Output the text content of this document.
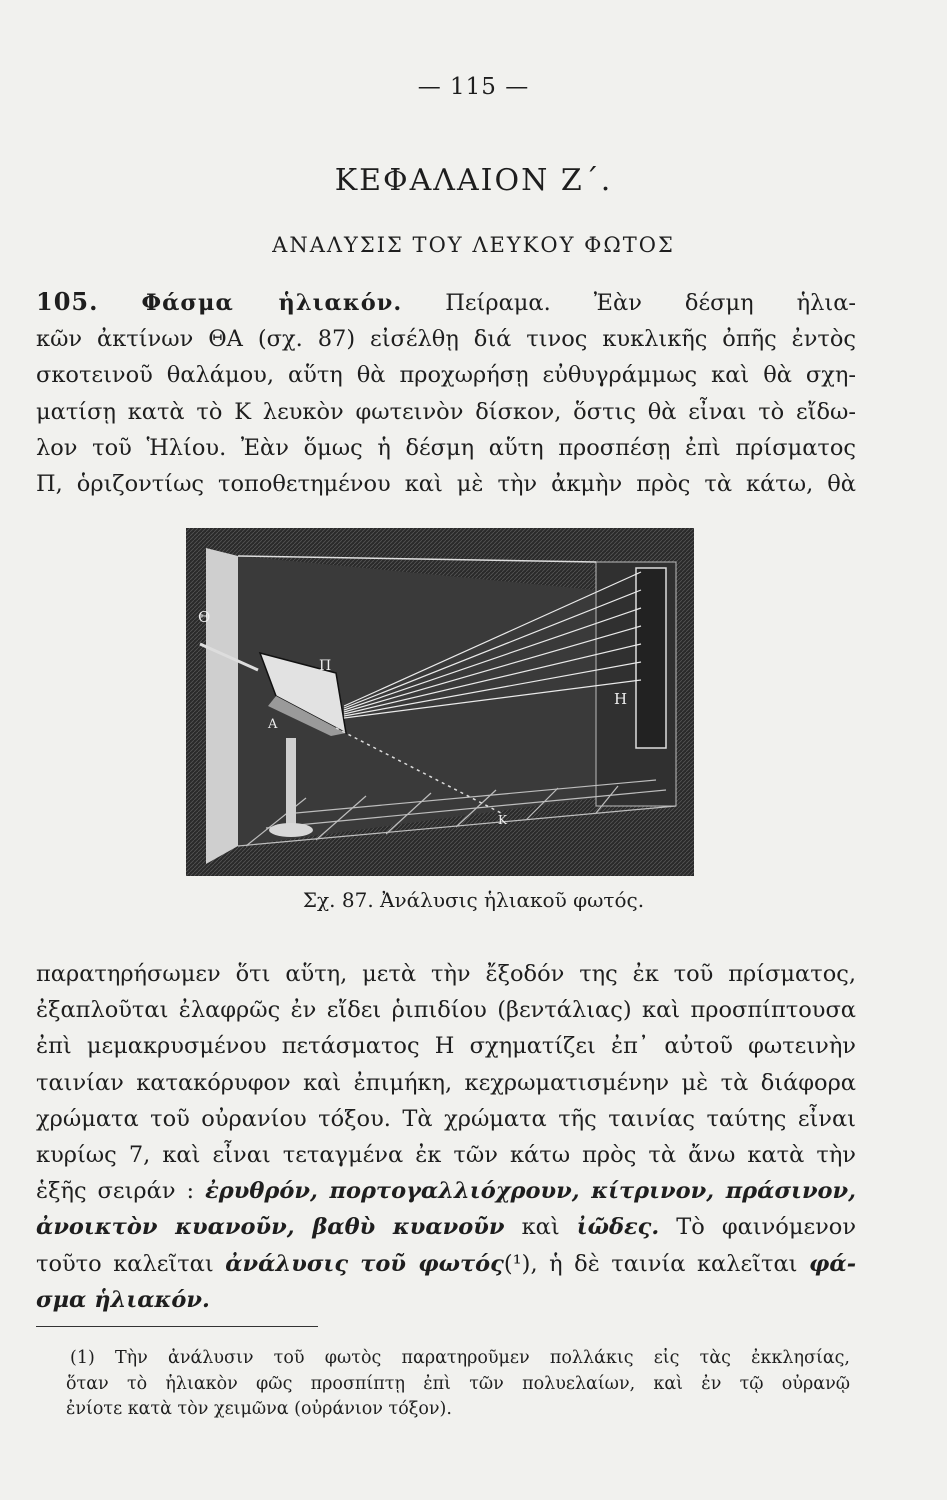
— 115 —
ΚΕΦΑΛΑΙΟΝ Ζ΄.
ΑΝΑΛΥΣΙΣ ΤΟΥ ΛΕΥΚΟΥ ΦΩΤΟΣ
105. Φάσμα ἡλιακόν. Πείραμα. Ἐὰν δέσμη ἡλια-
κῶν ἀκτίνων ΘΑ (σχ. 87) εἰσέλθῃ διά τινος κυκλικῆς ὀπῆς ἐντὸς
σκοτεινοῦ θαλάμου, αὕτη θὰ προχωρήσῃ εὐθυγράμμως καὶ θὰ σχη-
ματίσῃ κατὰ τὸ Κ λευκὸν φωτεινὸν δίσκον, ὅστις θὰ εἶναι τὸ εἴδω-
λον τοῦ Ἡλίου. Ἐὰν ὅμως ἡ δέσμη αὕτη προσπέσῃ ἐπὶ πρίσματος
Π, ὁριζοντίως τοποθετημένου καὶ μὲ τὴν ἀκμὴν πρὸς τὰ κάτω, θὰ
Θ
Π
Α
Η
Κ
Σχ. 87. Ἀνάλυσις ἡλιακοῦ φωτός.
παρατηρήσωμεν ὅτι αὕτη, μετὰ τὴν ἔξοδόν της ἐκ τοῦ πρίσματος,
ἐξαπλοῦται ἐλαφρῶς ἐν εἴδει ῥιπιδίου (βεντάλιας) καὶ προσπίπτουσα
ἐπὶ μεμακρυσμένου πετάσματος Η σχηματίζει ἐπ᾿ αὐτοῦ φωτεινὴν
ταινίαν κατακόρυφον καὶ ἐπιμήκη, κεχρωματισμένην μὲ τὰ διάφορα
χρώματα τοῦ οὐρανίου τόξου. Τὰ χρώματα τῆς ταινίας ταύτης εἶναι
κυρίως 7, καὶ εἶναι τεταγμένα ἐκ τῶν κάτω πρὸς τὰ ἄνω κατὰ τὴν
ἑξῆς σειράν : ἐρυθρόν, πορτογαλλιόχρουν, κίτρινον, πράσινον,
ἀνοικτὸν κυανοῦν, βαθὺ κυανοῦν καὶ ἰῶδες. Τὸ φαινόμενον
τοῦτο καλεῖται ἀνάλυσις τοῦ φωτός(¹), ἡ δὲ ταινία καλεῖται φά-
σμα ἡλιακόν.
(1) Τὴν ἀνάλυσιν τοῦ φωτὸς παρατηροῦμεν πολλάκις εἰς τὰς ἐκκλησίας,
ὅταν τὸ ἡλιακὸν φῶς προσπίπτῃ ἐπὶ τῶν πολυελαίων, καὶ ἐν τῷ οὐρανῷ
ἐνίοτε κατὰ τὸν χειμῶνα (οὐράνιον τόξον).
